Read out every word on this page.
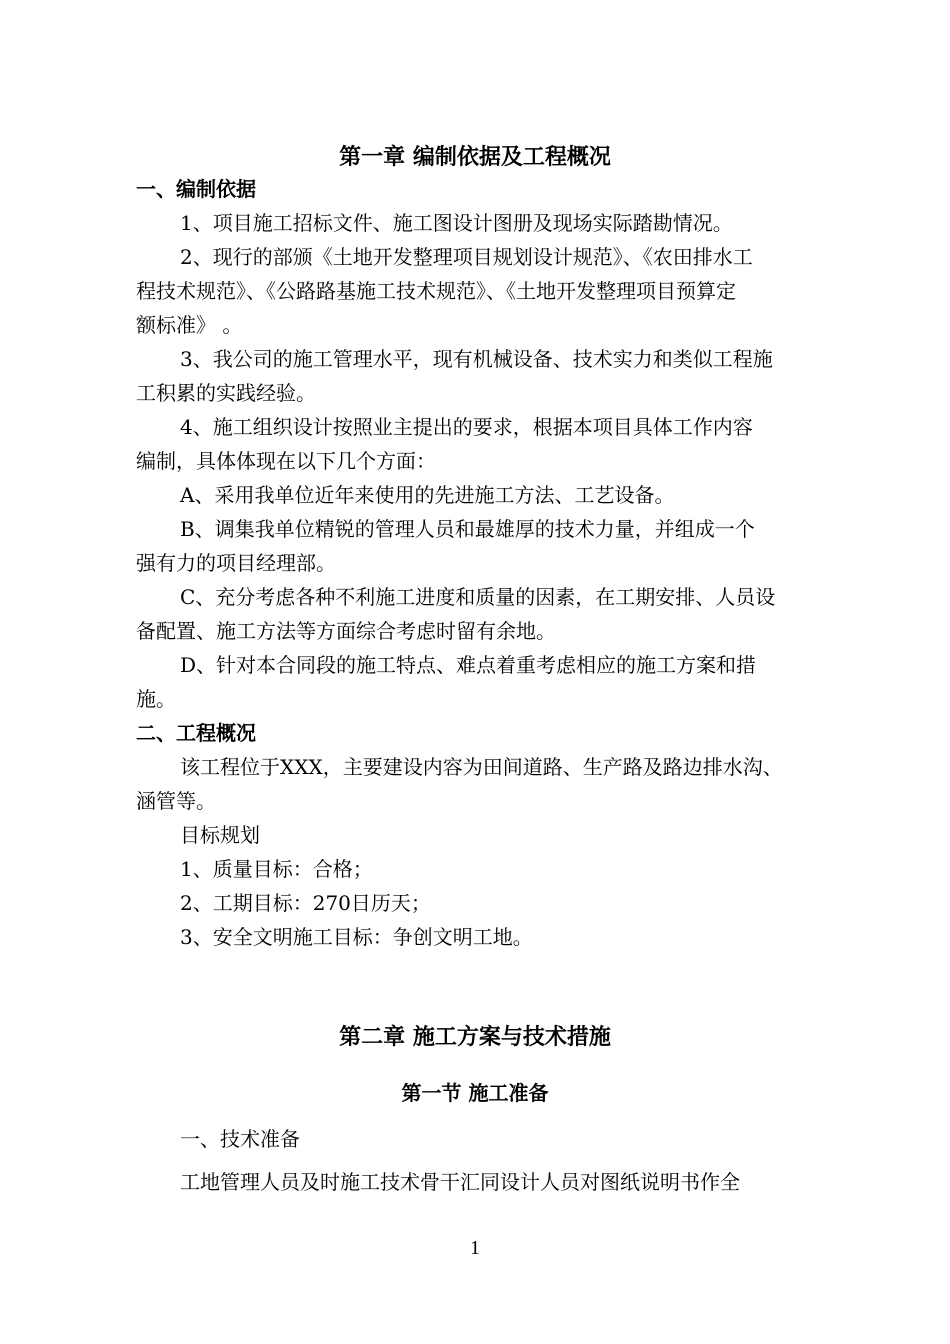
第一章 编制依据及工程概况
一、编制依据
1、项目施工招标文件、施工图设计图册及现场实际踏勘情况。
2、现行的部颁《土地开发整理项目规划设计规范》、《农田排水工
程技术规范》、《公路路基施工技术规范》、《土地开发整理项目预算定
额标准》 。
3、我公司的施工管理水平，现有机械设备、技术实力和类似工程施
工积累的实践经验。
4、施工组织设计按照业主提出的要求，根据本项目具体工作内容
编制，具体体现在以下几个方面：
A、采用我单位近年来使用的先进施工方法、工艺设备。
B、调集我单位精锐的管理人员和最雄厚的技术力量，并组成一个
强有力的项目经理部。
C、充分考虑各种不利施工进度和质量的因素，在工期安排、人员设
备配置、施工方法等方面综合考虑时留有余地。
D、针对本合同段的施工特点、难点着重考虑相应的施工方案和措
施。
二、工程概况
该工程位于XXX，主要建设内容为田间道路、生产路及路边排水沟、
涵管等。
目标规划
1、质量目标：合格；
2、工期目标：270日历天；
3、安全文明施工目标：争创文明工地。
第二章 施工方案与技术措施
第一节 施工准备
一、技术准备
工地管理人员及时施工技术骨干汇同设计人员对图纸说明书作全
1
